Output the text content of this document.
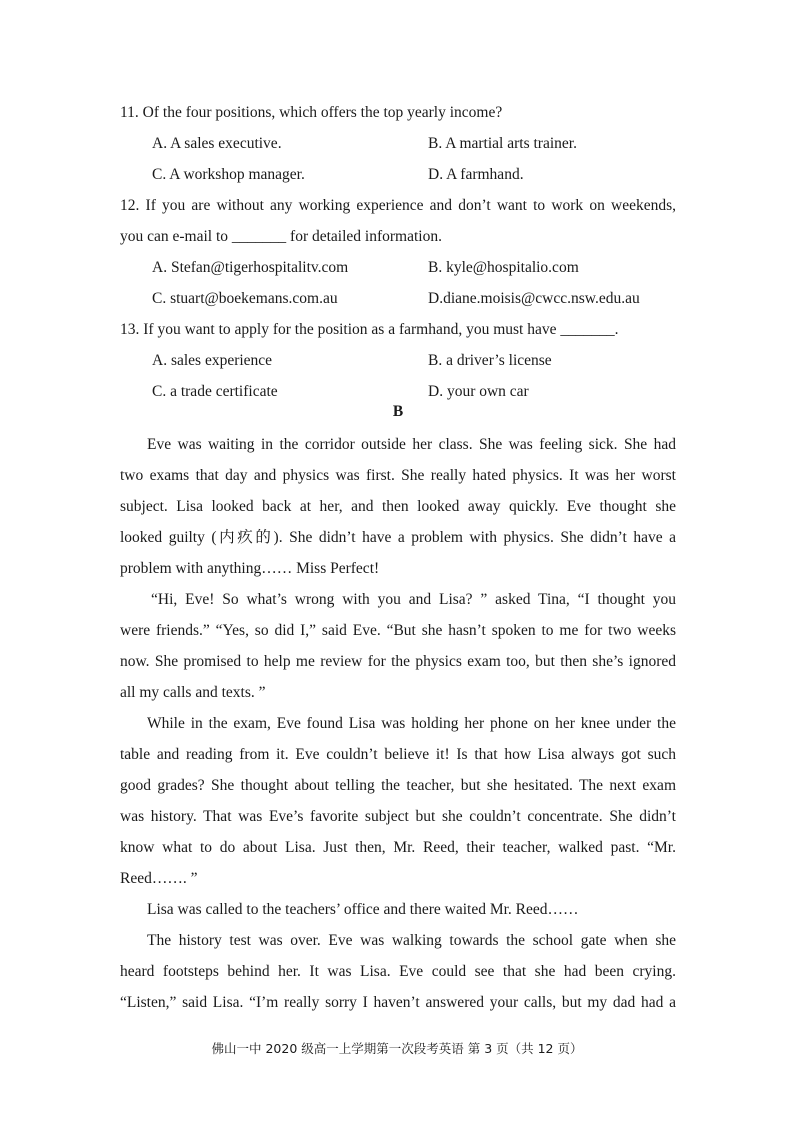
11. Of the four positions, which offers the top yearly income?
A. A sales executive.	B. A martial arts trainer.
C. A workshop manager.	D. A farmhand.
12. If you are without any working experience and don’t want to work on weekends,
you can e-mail to _______ for detailed information.
A. Stefan@tigerhospitalitv.com	B. kyle@hospitalio.com
C. stuart@boekemans.com.au	D.diane.moisis@cwcc.nsw.edu.au
13. If you want to apply for the position as a farmhand, you must have _______.
A. sales experience	B. a driver’s license
C. a trade certificate	D. your own car
B
Eve was waiting in the corridor outside her class. She was feeling sick. She had
two exams that day and physics was first. She really hated physics. It was her worst
subject. Lisa looked back at her, and then looked away quickly. Eve thought she
looked guilty (内疚的). She didn’t have a problem with physics. She didn’t have a
problem with anything…… Miss Perfect!
“Hi, Eve! So what’s wrong with you and Lisa? ” asked Tina, “I thought you
were friends.” “Yes, so did I,” said Eve. “But she hasn’t spoken to me for two weeks
now. She promised to help me review for the physics exam too, but then she’s ignored
all my calls and texts. ”
While in the exam, Eve found Lisa was holding her phone on her knee under the
table and reading from it. Eve couldn’t believe it! Is that how Lisa always got such
good grades? She thought about telling the teacher, but she hesitated. The next exam
was history. That was Eve’s favorite subject but she couldn’t concentrate. She didn’t
know what to do about Lisa. Just then, Mr. Reed, their teacher, walked past. “Mr.
Reed……. ”
Lisa was called to the teachers’ office and there waited Mr. Reed……
The history test was over. Eve was walking towards the school gate when she
heard footsteps behind her. It was Lisa. Eve could see that she had been crying.
“Listen,” said Lisa. “I’m really sorry I haven’t answered your calls, but my dad had a
佛山一中 2020 级高一上学期第一次段考英语 第 3 页（共 12 页）
